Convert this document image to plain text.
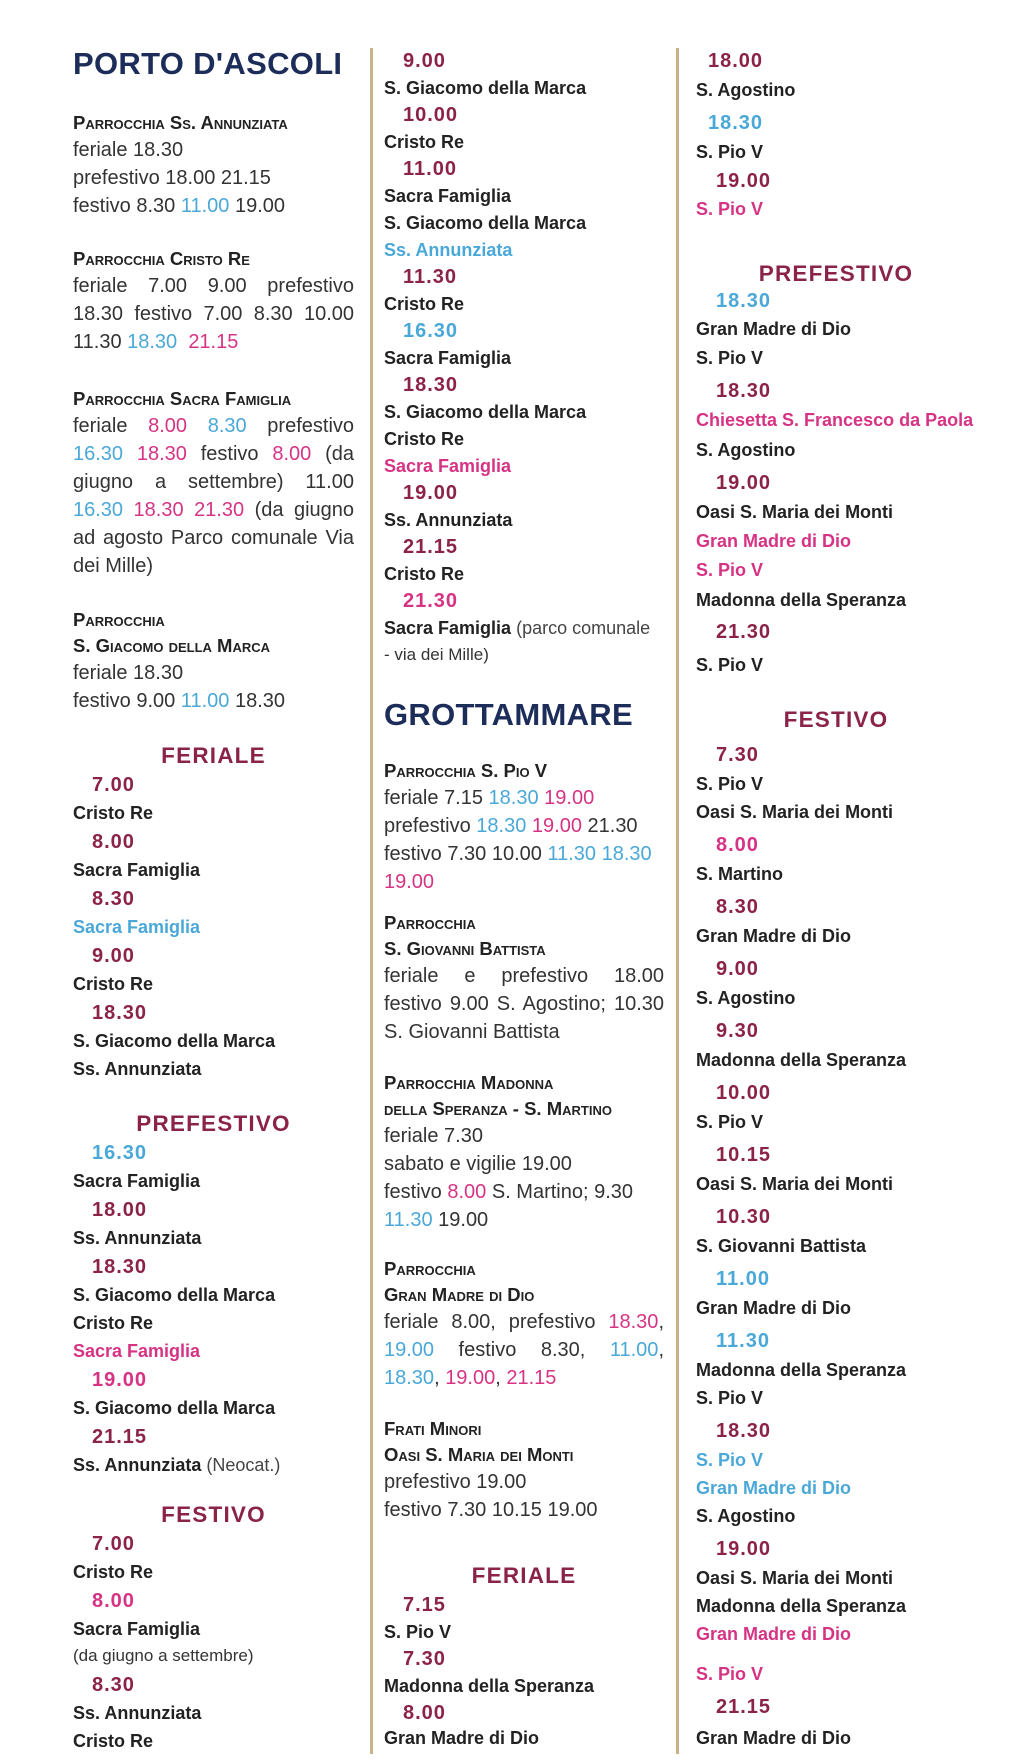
PORTO D'ASCOLI
Parrocchia Ss. Annunziata
feriale 18.30
prefestivo 18.00 21.15
festivo 8.30 11.00 19.00
Parrocchia Cristo Re
feriale 7.00 9.00 prefestivo 18.30 festivo 7.00 8.30 10.00 11.30 18.30 21.15
Parrocchia Sacra Famiglia
feriale 8.00 8.30 prefestivo 16.30 18.30 festivo 8.00 (da giugno a settembre) 11.00 16.30 18.30 21.30 (da giugno ad agosto Parco comunale Via dei Mille)
Parrocchia
S. Giacomo della Marca
feriale 18.30
festivo 9.00 11.00 18.30
FERIALE
7.00
Cristo Re
8.00
Sacra Famiglia
8.30
Sacra Famiglia
9.00
Cristo Re
18.30
S. Giacomo della Marca
Ss. Annunziata
PREFESTIVO
16.30
Sacra Famiglia
18.00
Ss. Annunziata
18.30
S. Giacomo della Marca
Cristo Re
Sacra Famiglia
19.00
S. Giacomo della Marca
21.15
Ss. Annunziata (Neocat.)
FESTIVO
7.00
Cristo Re
8.00
Sacra Famiglia
(da giugno a settembre)
8.30
Ss. Annunziata
Cristo Re
9.00
S. Giacomo della Marca
10.00
Cristo Re
11.00
Sacra Famiglia
S. Giacomo della Marca
Ss. Annunziata
11.30
Cristo Re
16.30
Sacra Famiglia
18.30
S. Giacomo della Marca
Cristo Re
Sacra Famiglia
19.00
Ss. Annunziata
21.15
Cristo Re
21.30
Sacra Famiglia (parco comunale
- via dei Mille)
GROTTAMMARE
Parrocchia S. Pio V
feriale 7.15 18.30 19.00
prefestivo 18.30 19.00 21.30
festivo 7.30 10.00 11.30 18.30
19.00
Parrocchia
S. Giovanni Battista
feriale e prefestivo 18.00 festivo 9.00 S. Agostino; 10.30 S. Giovanni Battista
Parrocchia Madonna
della Speranza - S. Martino
feriale 7.30
sabato e vigilie 19.00
festivo 8.00 S. Martino; 9.30
11.30 19.00
Parrocchia
Gran Madre di Dio
feriale 8.00, prefestivo 18.30, 19.00 festivo 8.30, 11.00, 18.30, 19.00, 21.15
Frati Minori
Oasi S. Maria dei Monti
prefestivo 19.00
festivo 7.30 10.15 19.00
FERIALE
7.15
S. Pio V
7.30
Madonna della Speranza
8.00
Gran Madre di Dio
18.00
S. Agostino
18.30
S. Pio V
19.00
S. Pio V
PREFESTIVO
18.30
Gran Madre di Dio
S. Pio V
18.30
Chiesetta S. Francesco da Paola
S. Agostino
19.00
Oasi S. Maria dei Monti
Gran Madre di Dio
S. Pio V
Madonna della Speranza
21.30
S. Pio V
FESTIVO
7.30
S. Pio V
Oasi S. Maria dei Monti
8.00
S. Martino
8.30
Gran Madre di Dio
9.00
S. Agostino
9.30
Madonna della Speranza
10.00
S. Pio V
10.15
Oasi S. Maria dei Monti
10.30
S. Giovanni Battista
11.00
Gran Madre di Dio
11.30
Madonna della Speranza
S. Pio V
18.30
S. Pio V
Gran Madre di Dio
S. Agostino
19.00
Oasi S. Maria dei Monti
Madonna della Speranza
Gran Madre di Dio
S. Pio V
21.15
Gran Madre di Dio
